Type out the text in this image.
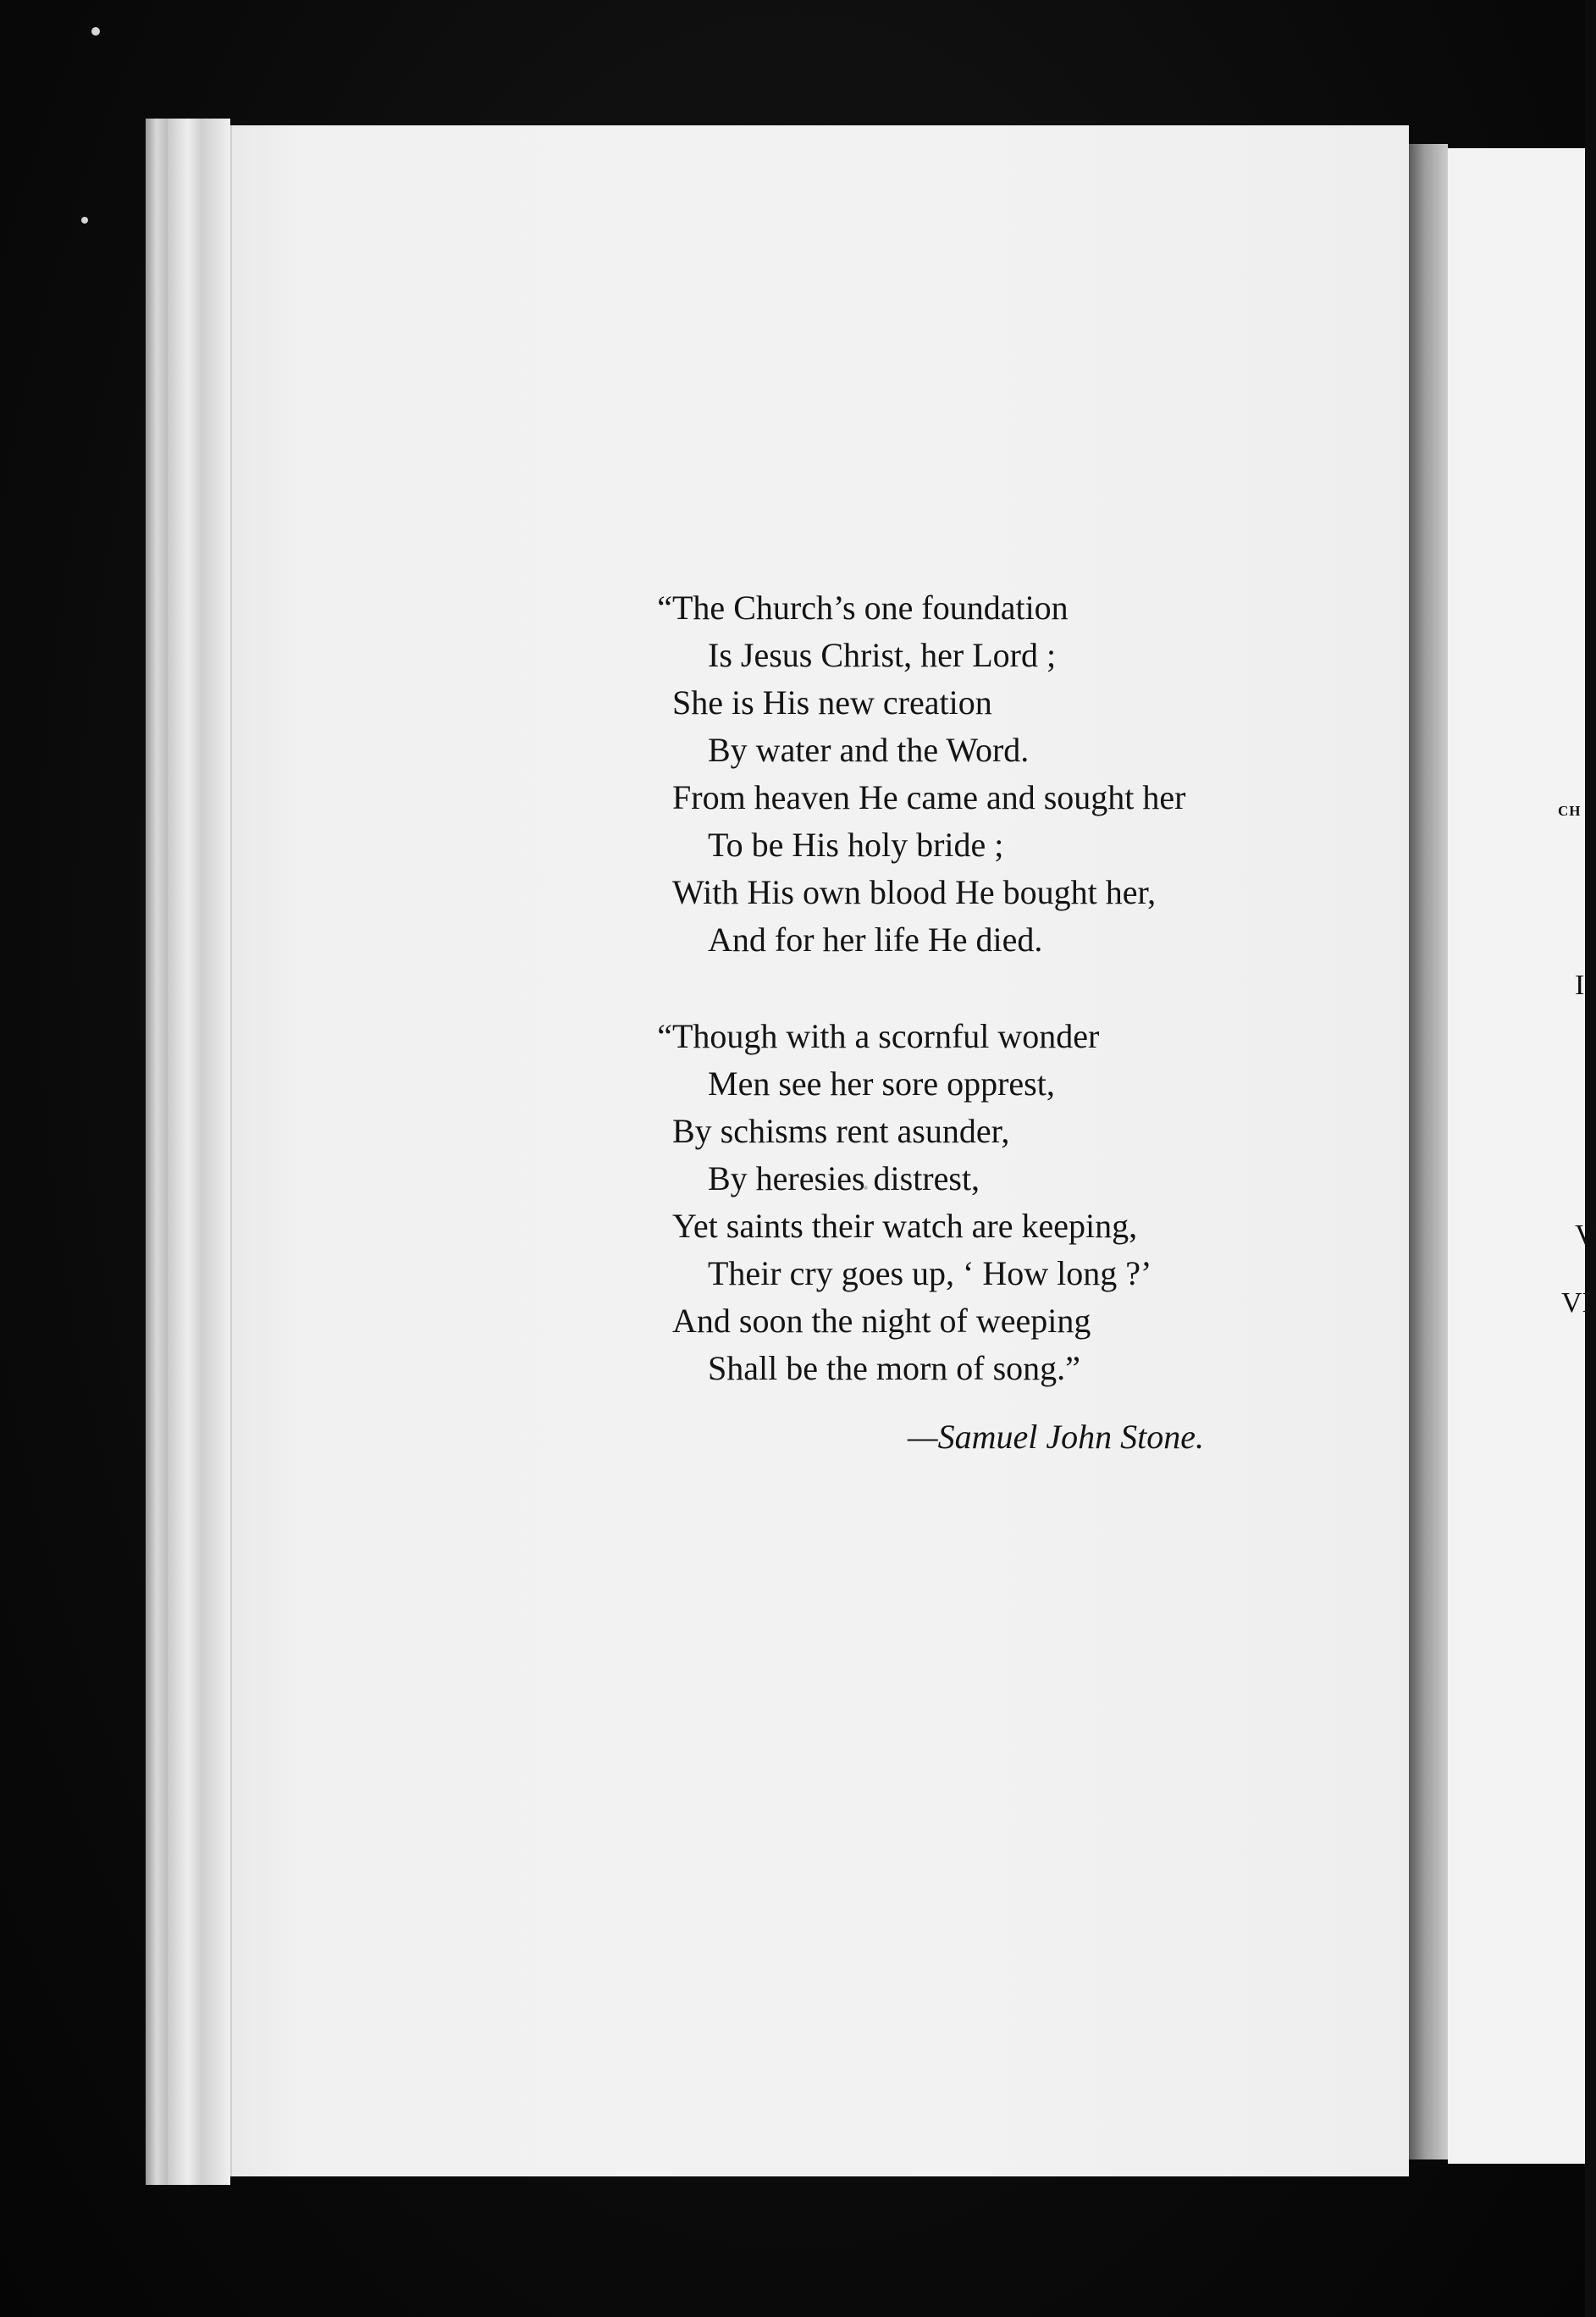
CH
I
V
VI
“The Church’s one foundation
Is Jesus Christ, her Lord ;
She is His new creation
By water and the Word.
From heaven He came and sought her
To be His holy bride ;
With His own blood He bought her,
And for her life He died.
“Though with a scornful wonder
Men see her sore opprest,
By schisms rent asunder,
By heresies distrest,
Yet saints their watch are keeping,
Their cry goes up, ‘ How long ?’
And soon the night of weeping
Shall be the morn of song.”
—Samuel John Stone.
